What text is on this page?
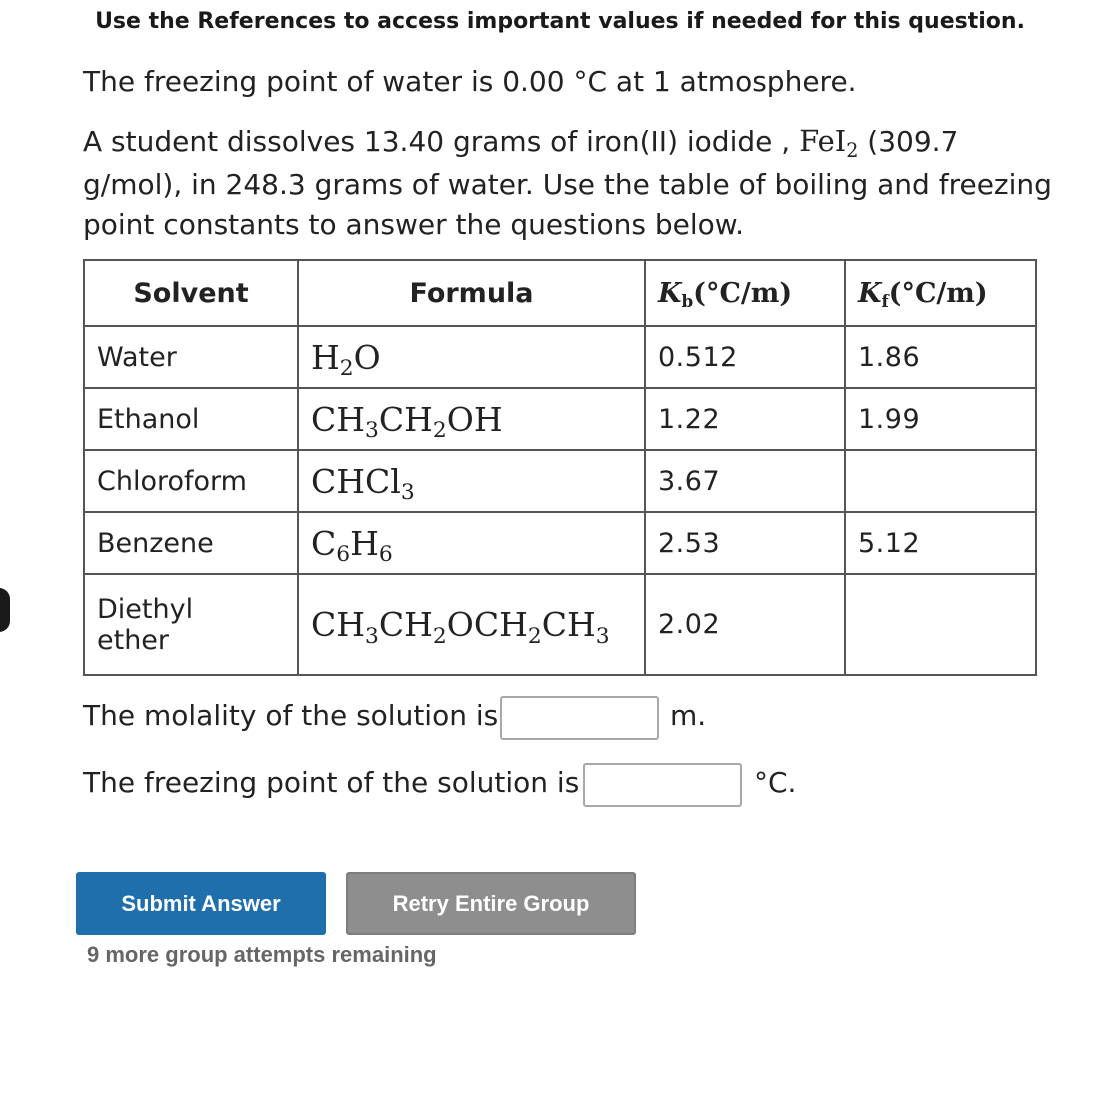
Use the References to access important values if needed for this question.

The freezing point of water is 0.00 °C at 1 atmosphere.

A student dissolves 13.40 grams of iron(II) iodide , FeI2 (309.7 g/mol), in 248.3 grams of water. Use the table of boiling and freezing point constants to answer the questions below.

Solvent	Formula	$K_b(^\circ C/m)$	$K_f(^\circ C/m)$
Water	H2O	0.512	1.86
Ethanol	CH3CH2OH	1.22	1.99
Chloroform	CHCl3	3.67	
Benzene	C6H6	2.53	5.12
Diethyl ether	CH3CH2OCH2CH3	2.02	
The molality of the solution is	m.
The freezing point of the solution is	°C.
Submit Answer	Retry Entire Group
9 more group attempts remaining
